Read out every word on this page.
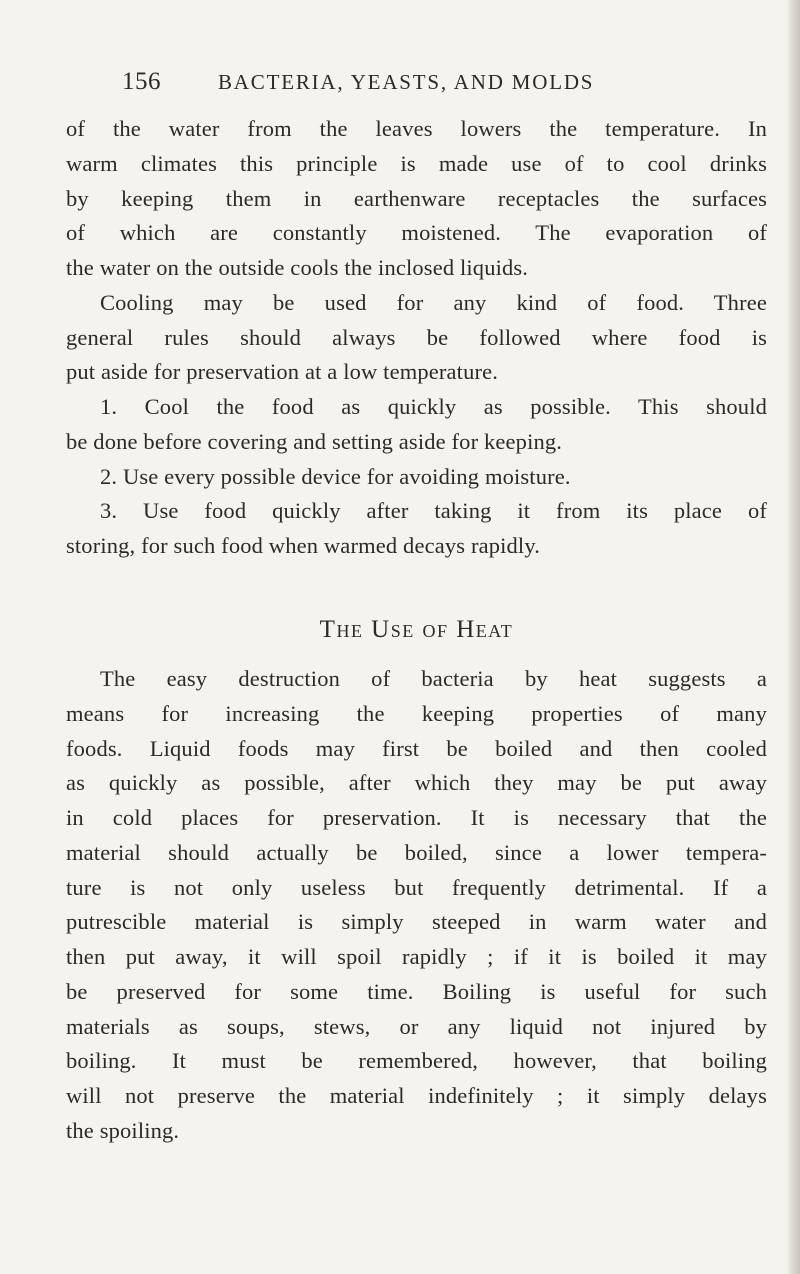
156	BACTERIA, YEASTS, AND MOLDS
of the water from the leaves lowers the temperature. In
warm climates this principle is made use of to cool drinks
by keeping them in earthenware receptacles the surfaces
of which are constantly moistened. The evaporation of
the water on the outside cools the inclosed liquids.
Cooling may be used for any kind of food. Three
general rules should always be followed where food is
put aside for preservation at a low temperature.
1. Cool the food as quickly as possible. This should
be done before covering and setting aside for keeping.
2. Use every possible device for avoiding moisture.
3. Use food quickly after taking it from its place of
storing, for such food when warmed decays rapidly.
The Use of Heat
The easy destruction of bacteria by heat suggests a
means for increasing the keeping properties of many
foods. Liquid foods may first be boiled and then cooled
as quickly as possible, after which they may be put away
in cold places for preservation. It is necessary that the
material should actually be boiled, since a lower tempera-
ture is not only useless but frequently detrimental. If a
putrescible material is simply steeped in warm water and
then put away, it will spoil rapidly ; if it is boiled it may
be preserved for some time. Boiling is useful for such
materials as soups, stews, or any liquid not injured by
boiling. It must be remembered, however, that boiling
will not preserve the material indefinitely ; it simply delays
the spoiling.
